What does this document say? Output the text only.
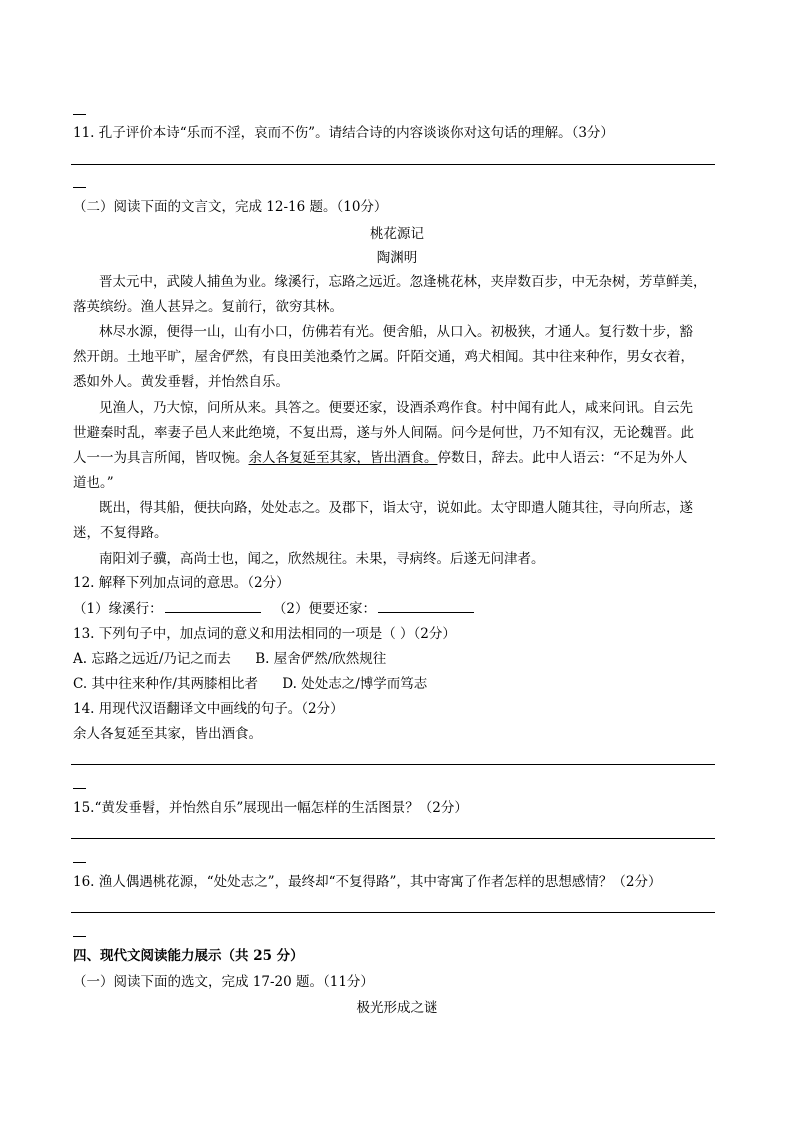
11. 孔子评价本诗“乐而不淫，哀而不伤”。请结合诗的内容谈谈你对这句话的理解。（3分）
（二）阅读下面的文言文，完成 12-16 题。（10分）
桃花源记
陶渊明
晋太元中，武陵人捕鱼为业。缘溪行，忘路之远近。忽逢桃花林，夹岸数百步，中无杂树，芳草鲜美，
落英缤纷。渔人甚异之。复前行，欲穷其林。
林尽水源，便得一山，山有小口，仿佛若有光。便舍船，从口入。初极狭，才通人。复行数十步，豁
然开朗。土地平旷，屋舍俨然，有良田美池桑竹之属。阡陌交通，鸡犬相闻。其中往来种作，男女衣着，
悉如外人。黄发垂髫，并怡然自乐。
见渔人，乃大惊，问所从来。具答之。便要还家，设酒杀鸡作食。村中闻有此人，咸来问讯。自云先
世避秦时乱，率妻子邑人来此绝境，不复出焉，遂与外人间隔。问今是何世，乃不知有汉，无论魏晋。此
人一一为具言所闻，皆叹惋。余人各复延至其家，皆出酒食。停数日，辞去。此中人语云：“不足为外人
道也。”
既出，得其船，便扶向路，处处志之。及郡下，诣太守，说如此。太守即遣人随其往，寻向所志，遂
迷，不复得路。
南阳刘子骥，高尚士也，闻之，欣然规往。未果，寻病终。后遂无问津者。
12. 解释下列加点词的意思。（2分）
（1）缘溪行：	（2）便要还家：
13. 下列句子中，加点词的意义和用法相同的一项是（ ）（2分）
A. 忘路之远近/乃记之而去 B. 屋舍俨然/欣然规往
C. 其中往来种作/其两膝相比者 D. 处处志之/博学而笃志
14. 用现代汉语翻译文中画线的句子。（2分）
余人各复延至其家，皆出酒食。
15.“黄发垂髫，并怡然自乐”展现出一幅怎样的生活图景？（2分）
16. 渔人偶遇桃花源，“处处志之”，最终却“不复得路”，其中寄寓了作者怎样的思想感情？（2分）
四、现代文阅读能力展示（共 25 分）
（一）阅读下面的选文，完成 17-20 题。（11分）
极光形成之谜
